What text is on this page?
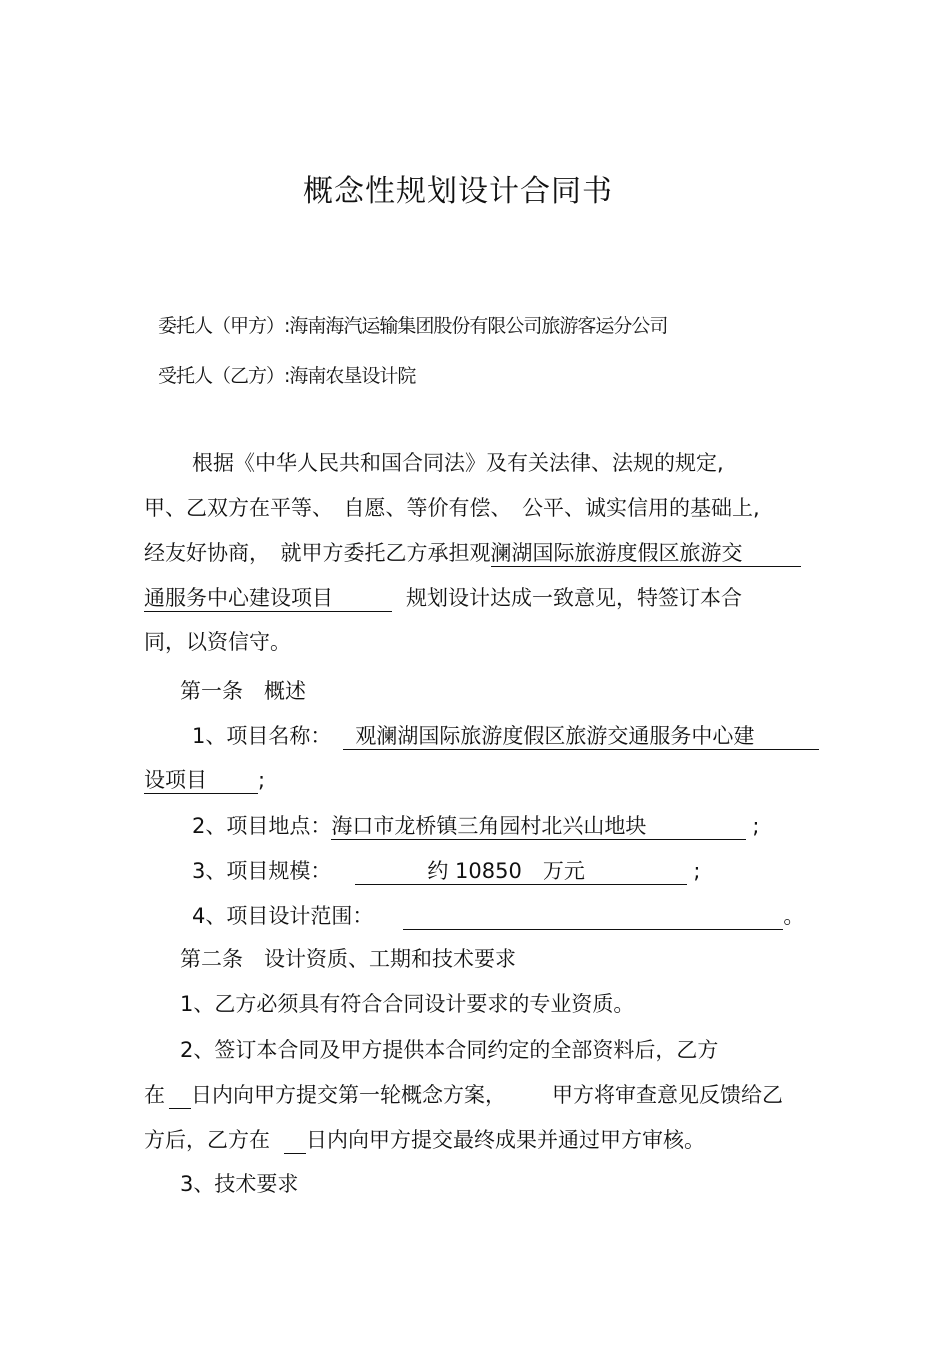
概念性规划设计合同书
委托人（甲方）:海南海汽运输集团股份有限公司旅游客运分公司
受托人（乙方）:海南农垦设计院
根据《中华人民共和国合同法》及有关法律、法规的规定,
甲、乙双方在平等、　自愿、等价有偿、　公平、诚实信用的基础上,
经友好协商，　就甲方委托乙方承担观澜湖国际旅游度假区旅游交
通服务中心建设项目	规划设计达成一致意见，特签订本合
同，以资信守。
第一条　概述
1、项目名称： 观澜湖国际旅游度假区旅游交通服务中心建
设项目 ;
2、项目地点：海口市龙桥镇三角园村北兴山地块	;
3、项目规模：	约 10850　万元	;
4、项目设计范围：	。
第二条　设计资质、工期和技术要求
1、乙方必须具有符合合同设计要求的专业资质。
2、签订本合同及甲方提供本合同约定的全部资料后，乙方
在 日内向甲方提交第一轮概念方案， 甲方将审查意见反馈给乙
方后，乙方在 日内向甲方提交最终成果并通过甲方审核。
3、技术要求
